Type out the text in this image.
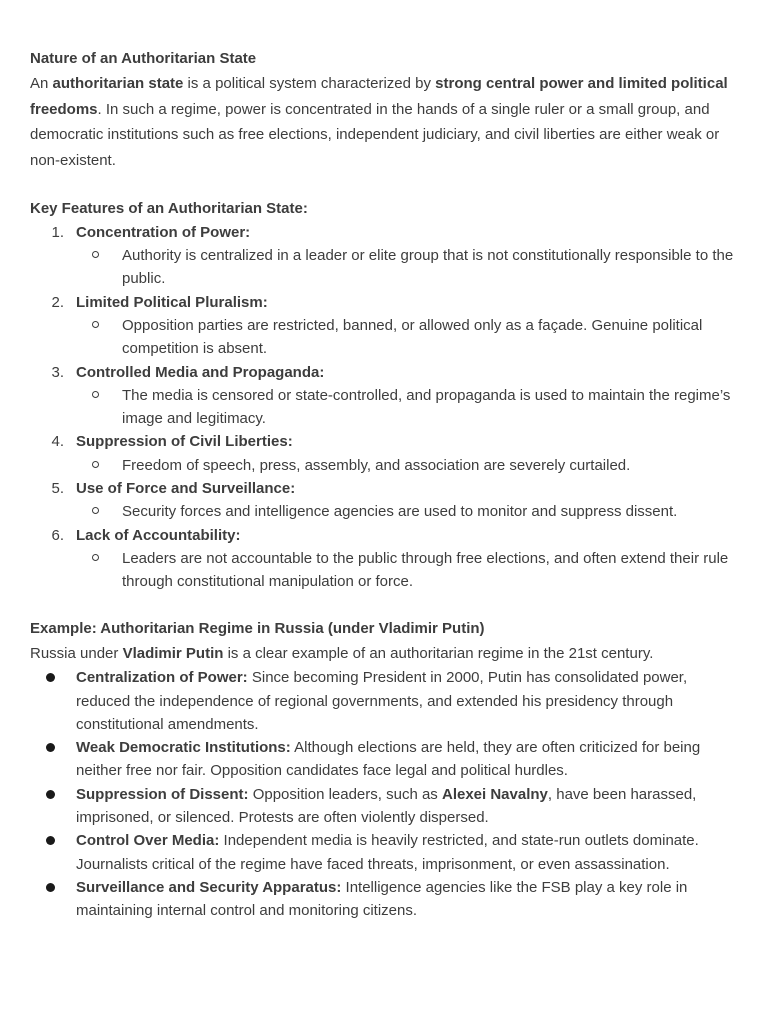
Nature of an Authoritarian State
An authoritarian state is a political system characterized by strong central power and limited political freedoms. In such a regime, power is concentrated in the hands of a single ruler or a small group, and democratic institutions such as free elections, independent judiciary, and civil liberties are either weak or non-existent.
Key Features of an Authoritarian State:
1. Concentration of Power:
Authority is centralized in a leader or elite group that is not constitutionally responsible to the public.
2. Limited Political Pluralism:
Opposition parties are restricted, banned, or allowed only as a façade. Genuine political competition is absent.
3. Controlled Media and Propaganda:
The media is censored or state-controlled, and propaganda is used to maintain the regime’s image and legitimacy.
4. Suppression of Civil Liberties:
Freedom of speech, press, assembly, and association are severely curtailed.
5. Use of Force and Surveillance:
Security forces and intelligence agencies are used to monitor and suppress dissent.
6. Lack of Accountability:
Leaders are not accountable to the public through free elections, and often extend their rule through constitutional manipulation or force.
Example: Authoritarian Regime in Russia (under Vladimir Putin)
Russia under Vladimir Putin is a clear example of an authoritarian regime in the 21st century.
Centralization of Power: Since becoming President in 2000, Putin has consolidated power, reduced the independence of regional governments, and extended his presidency through constitutional amendments.
Weak Democratic Institutions: Although elections are held, they are often criticized for being neither free nor fair. Opposition candidates face legal and political hurdles.
Suppression of Dissent: Opposition leaders, such as Alexei Navalny, have been harassed, imprisoned, or silenced. Protests are often violently dispersed.
Control Over Media: Independent media is heavily restricted, and state-run outlets dominate. Journalists critical of the regime have faced threats, imprisonment, or even assassination.
Surveillance and Security Apparatus: Intelligence agencies like the FSB play a key role in maintaining internal control and monitoring citizens.
